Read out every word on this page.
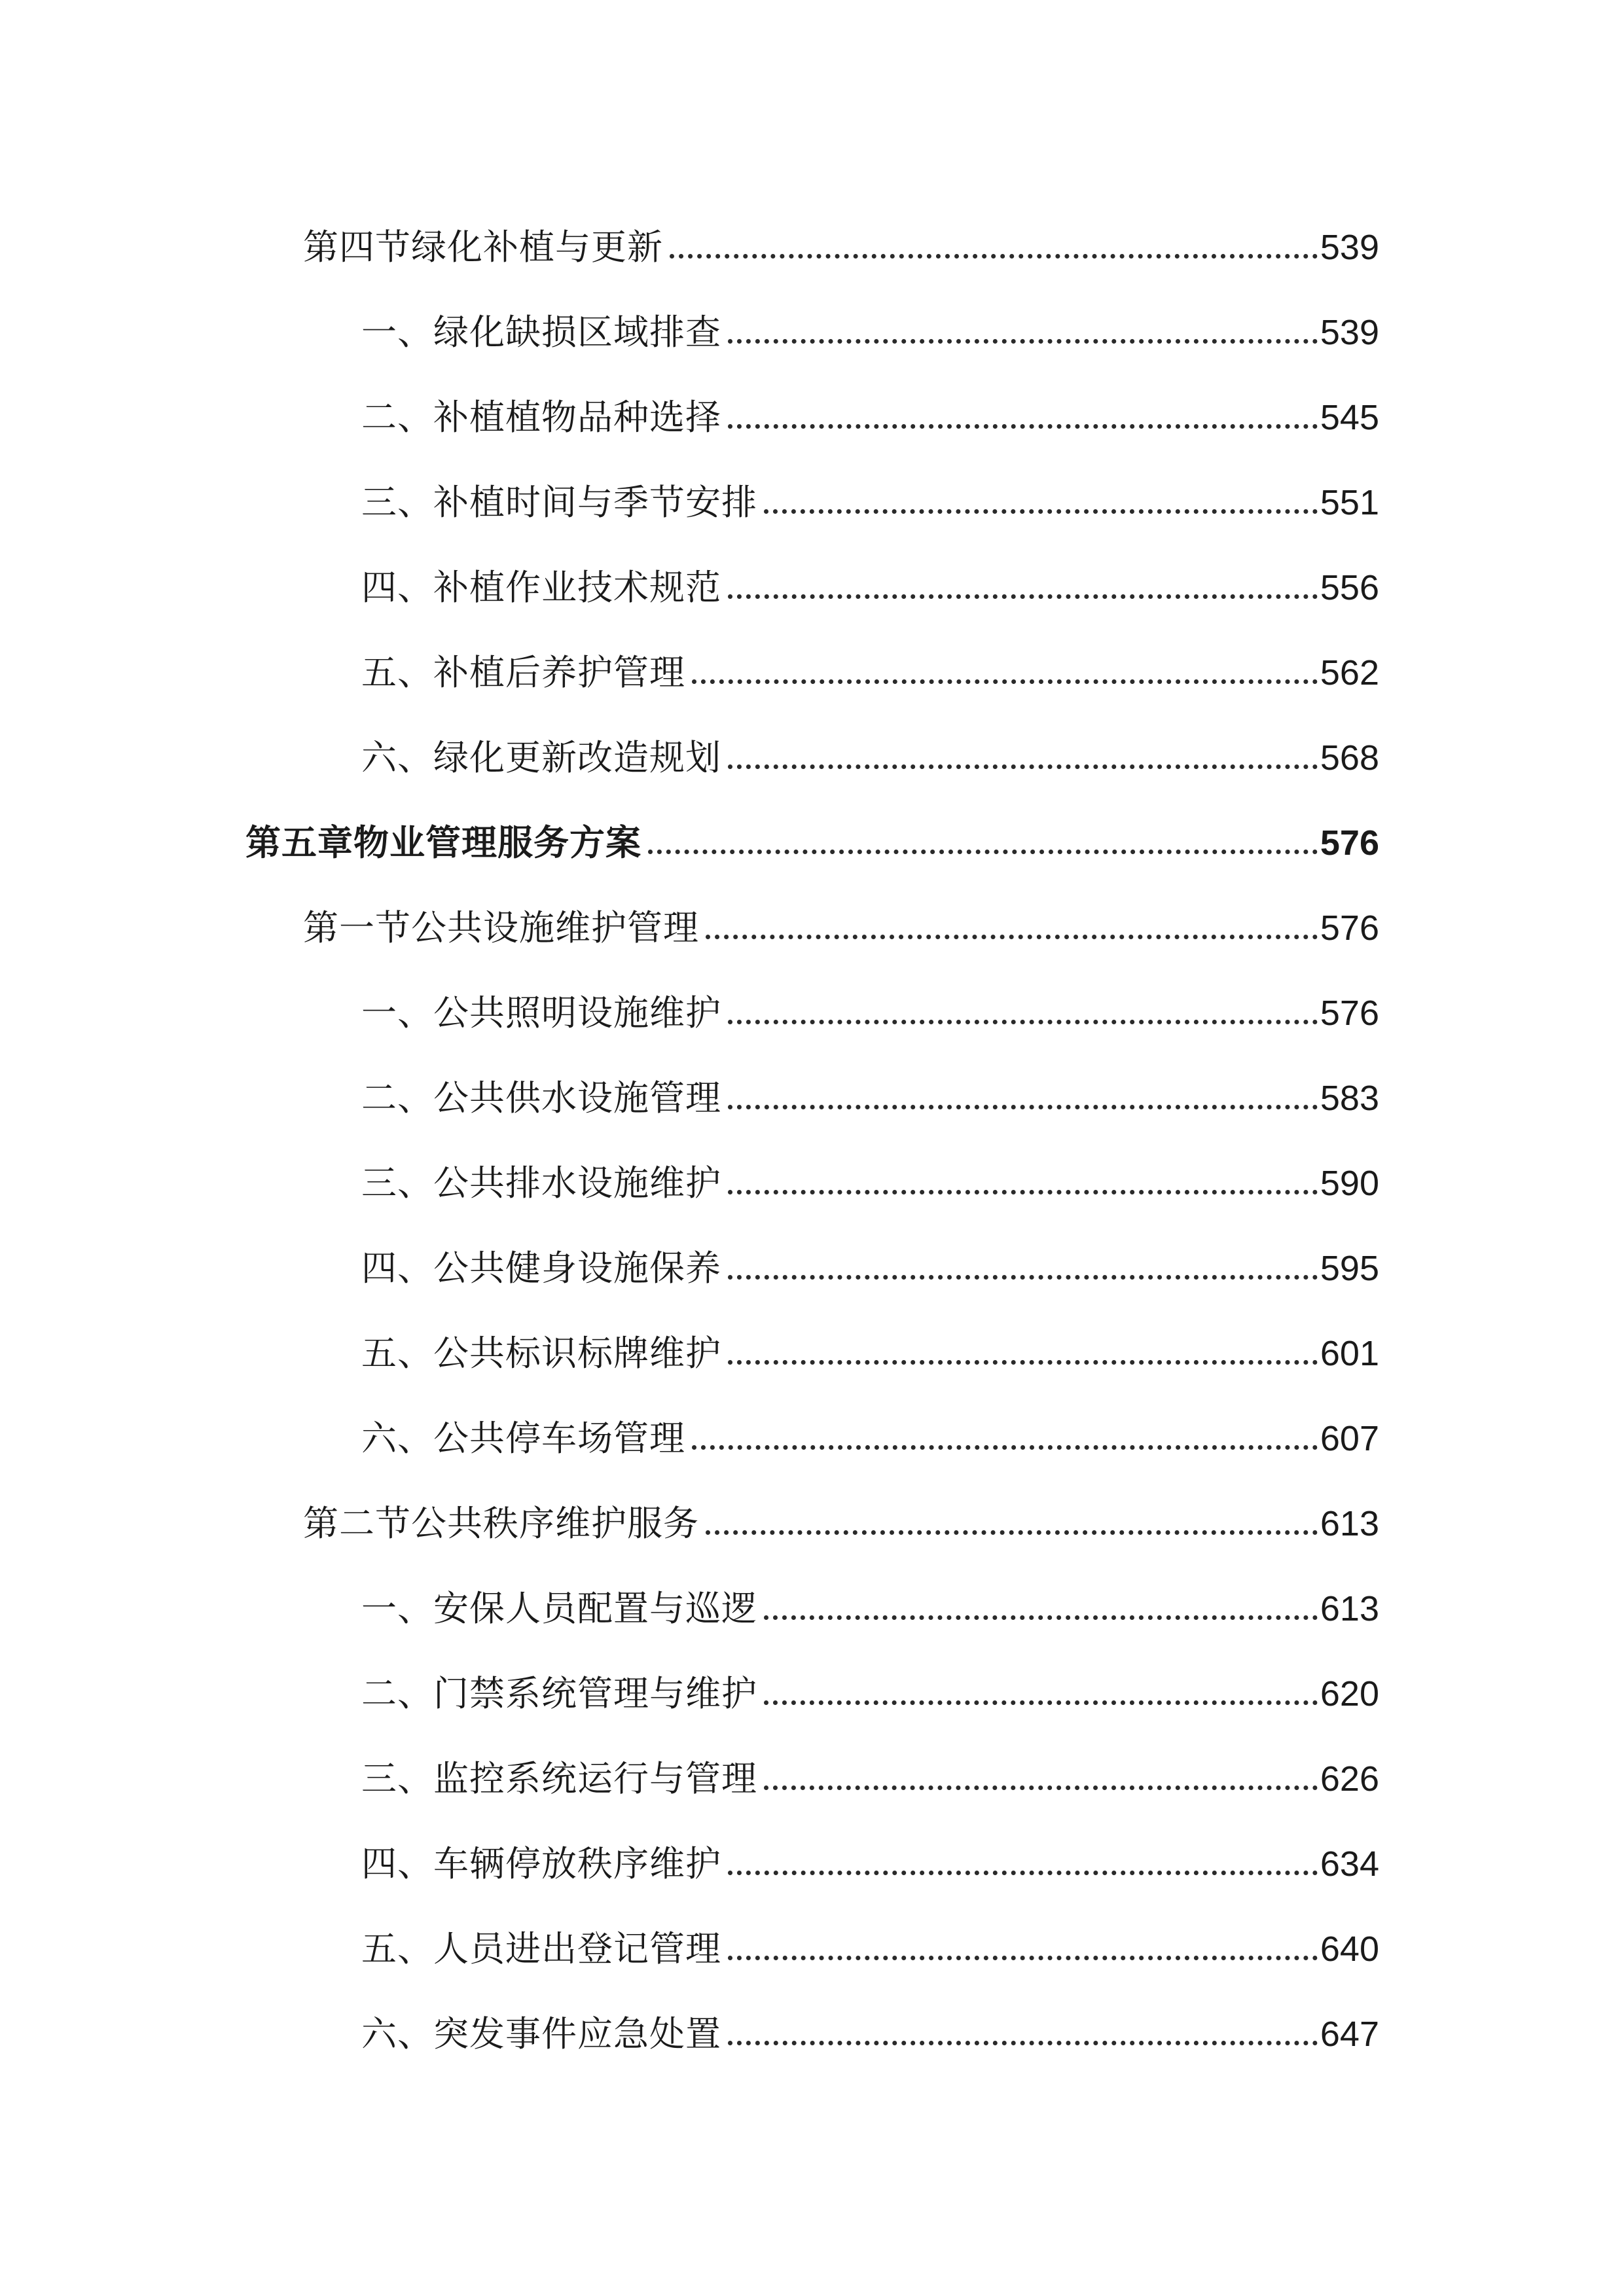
第四节绿化补植与更新	539
一、绿化缺损区域排查	539
二、补植植物品种选择	545
三、补植时间与季节安排	551
四、补植作业技术规范	556
五、补植后养护管理	562
六、绿化更新改造规划	568
第五章物业管理服务方案	576
第一节公共设施维护管理	576
一、公共照明设施维护	576
二、公共供水设施管理	583
三、公共排水设施维护	590
四、公共健身设施保养	595
五、公共标识标牌维护	601
六、公共停车场管理	607
第二节公共秩序维护服务	613
一、安保人员配置与巡逻	613
二、门禁系统管理与维护	620
三、监控系统运行与管理	626
四、车辆停放秩序维护	634
五、人员进出登记管理	640
六、突发事件应急处置	647
